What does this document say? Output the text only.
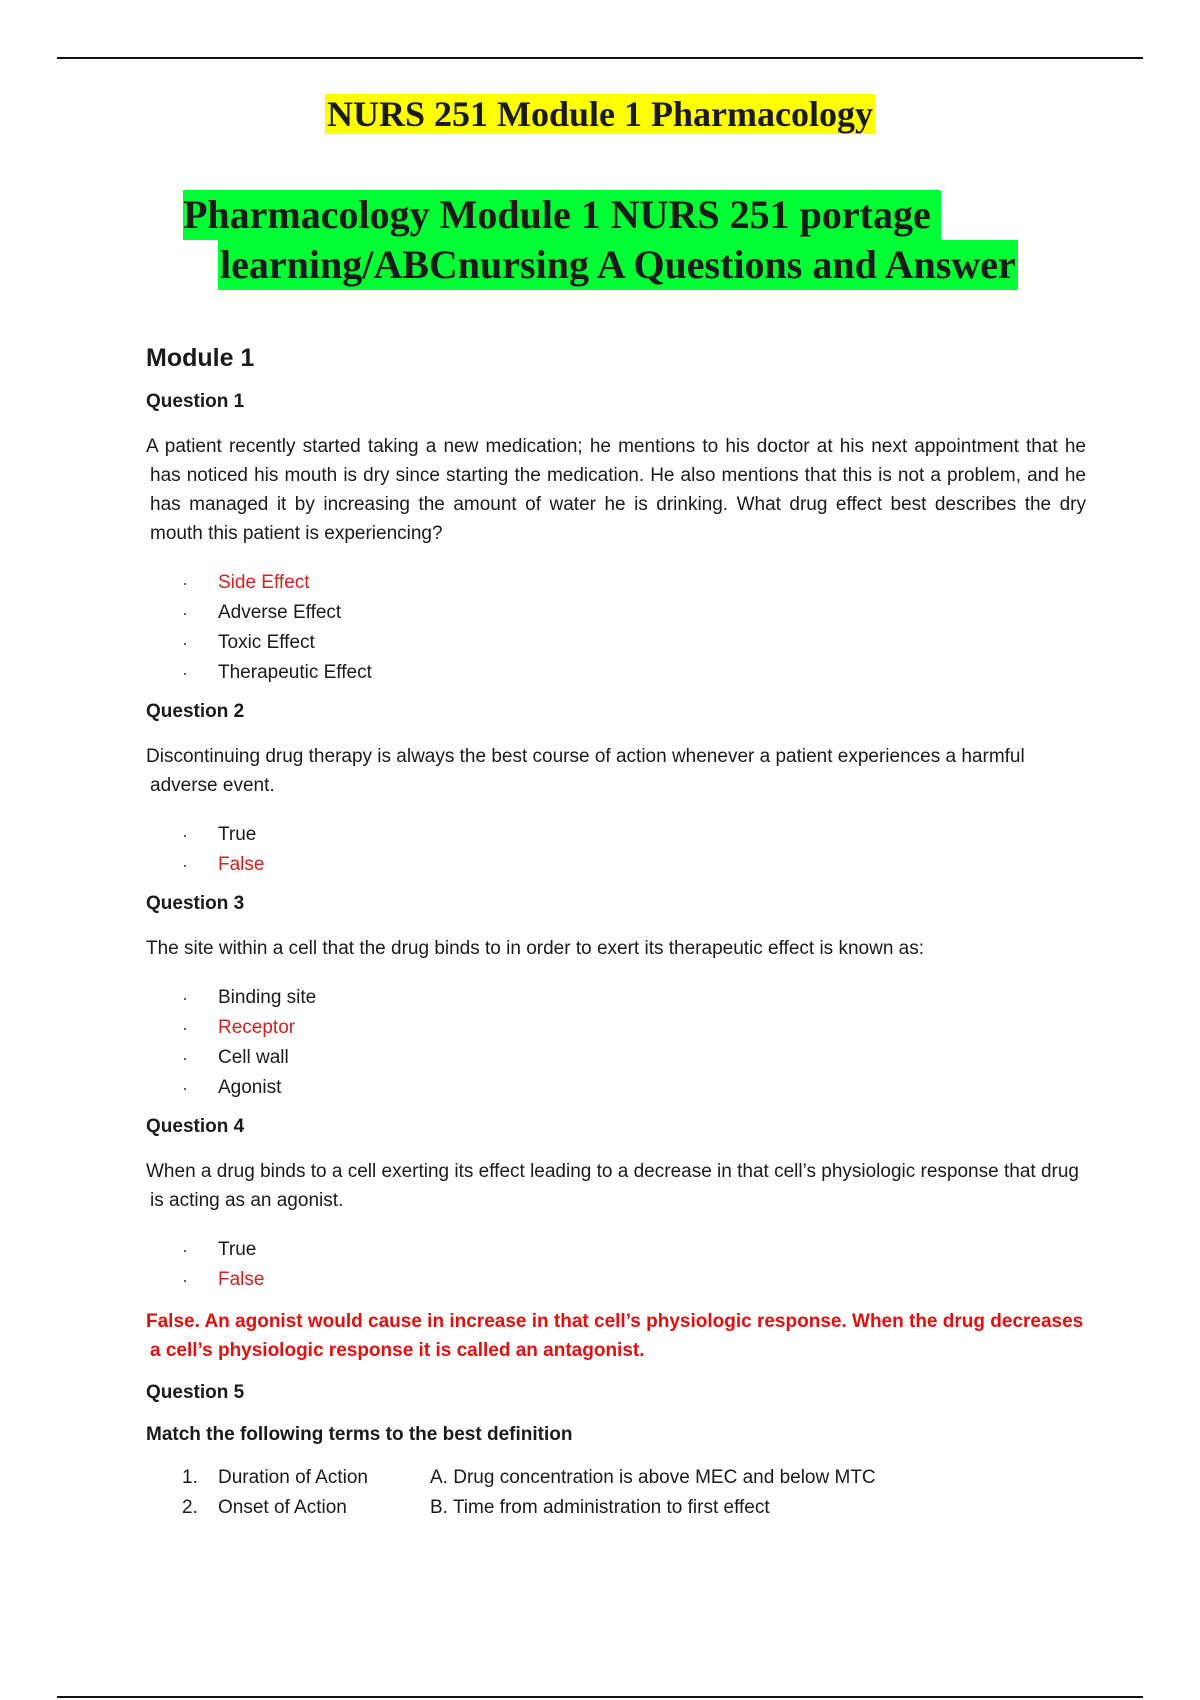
NURS 251 Module 1 Pharmacology
Pharmacology Module 1 NURS 251 portage
learning/ABCnursing A Questions and Answer
Module 1
Question 1
A patient recently started taking a new medication; he mentions to his doctor at his next appointment that he has noticed his mouth is dry since starting the medication. He also mentions that this is not a problem, and he has managed it by increasing the amount of water he is drinking. What drug effect best describes the dry mouth this patient is experiencing?
· Side Effect
· Adverse Effect
· Toxic Effect
· Therapeutic Effect
Question 2
Discontinuing drug therapy is always the best course of action whenever a patient experiences a harmful adverse event.
· True
· False
Question 3
The site within a cell that the drug binds to in order to exert its therapeutic effect is known as:
· Binding site
· Receptor
· Cell wall
· Agonist
Question 4
When a drug binds to a cell exerting its effect leading to a decrease in that cell’s physiologic response that drug is acting as an agonist.
· True
· False
False. An agonist would cause in increase in that cell’s physiologic response. When the drug decreases a cell’s physiologic response it is called an antagonist.
Question 5
Match the following terms to the best definition
1.	Duration of Action	A. Drug concentration is above MEC and below MTC
2.	Onset of Action	B. Time from administration to first effect
